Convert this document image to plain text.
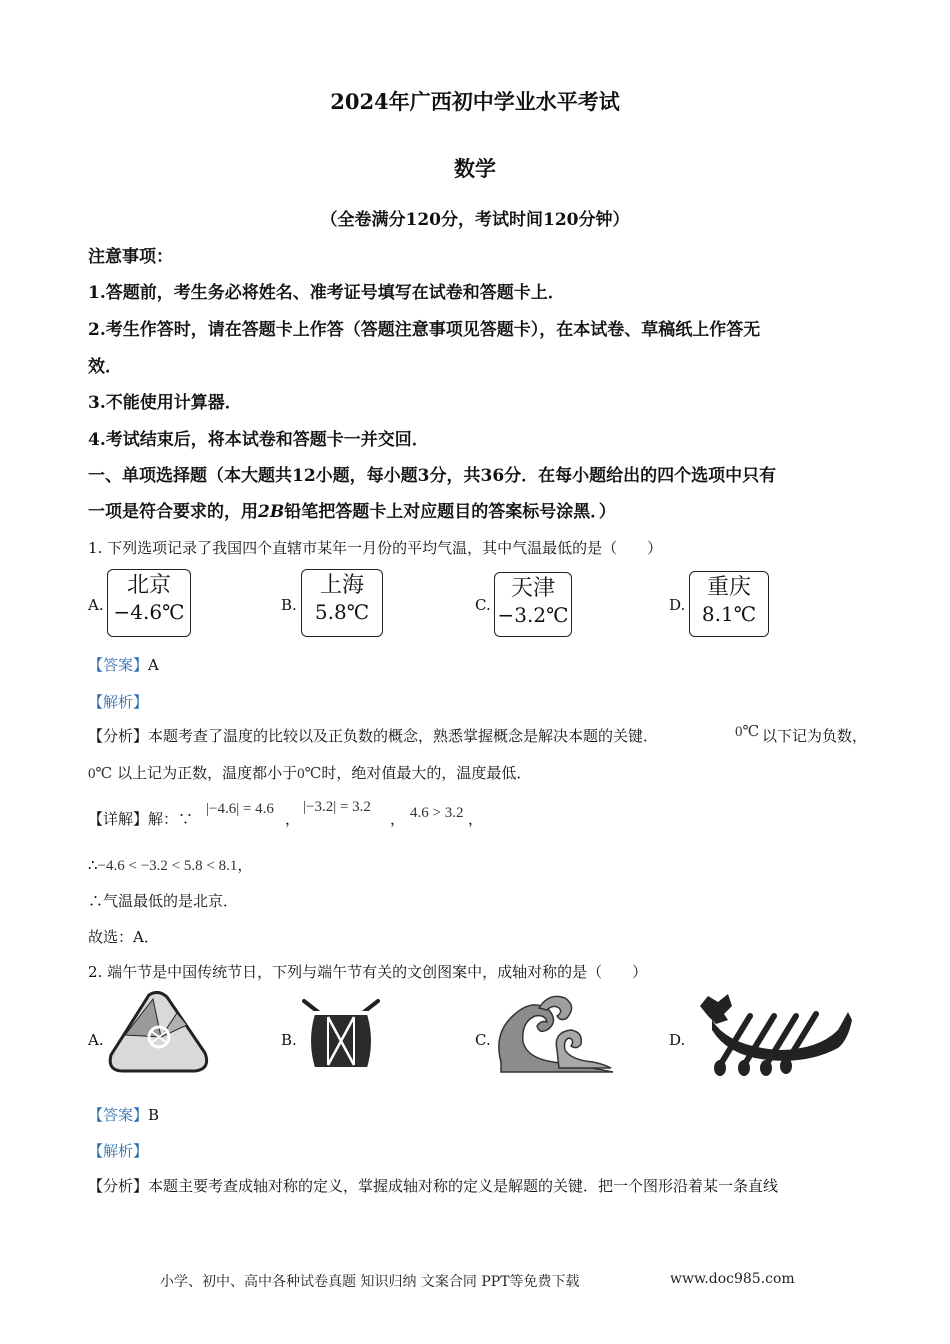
2024年广西初中学业水平考试
数学
（全卷满分120分，考试时间120分钟）
注意事项：
1.答题前，考生务必将姓名、准考证号填写在试卷和答题卡上．
2.考生作答时，请在答题卡上作答（答题注意事项见答题卡），在本试卷、草稿纸上作答无
效．
3.不能使用计算器．
4.考试结束后，将本试卷和答题卡一并交回．
一、单项选择题（本大题共12小题，每小题3分，共36分．在每小题给出的四个选项中只有
一项是符合要求的，用2B铅笔把答题卡上对应题目的答案标号涂黑．）
1. 下列选项记录了我国四个直辖市某年一月份的平均气温，其中气温最低的是（　　）
A.
北京
−4.6℃	B.
上海
5.8℃	C.
天津
−3.2℃	D.
重庆
8.1℃
【答案】A
【解析】
【分析】本题考查了温度的比较以及正负数的概念，熟悉掌握概念是解决本题的关键．	0℃ 以下记为负数，
0℃ 以上记为正数，温度都小于0℃时，绝对值最大的，温度最低．
【详解】解：∵
|−4.6| = 4.6
，
|−3.2| = 3.2
， 4.6 > 3.2 ，
∴−4.6 < −3.2 < 5.8 < 8.1，
∴气温最低的是北京．
故选：A．
2. 端午节是中国传统节日，下列与端午节有关的文创图案中，成轴对称的是（　　）
A.	B.	C.	D.
【答案】B
【解析】
【分析】本题主要考查成轴对称的定义，掌握成轴对称的定义是解题的关键．把一个图形沿着某一条直线
小学、初中、高中各种试卷真题 知识归纳 文案合同 PPT等免费下载	www.doc985.com
